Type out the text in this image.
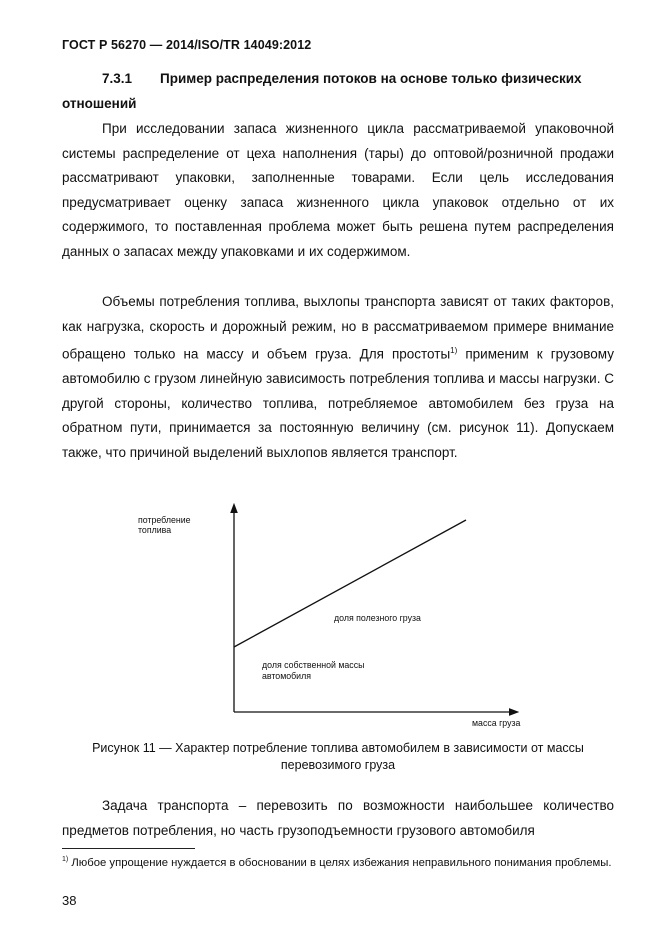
ГОСТ Р 56270 — 2014/ISO/TR 14049:2012
7.3.1 Пример распределения потоков на основе только физических отношений
При исследовании запаса жизненного цикла рассматриваемой упаковочной системы распределение от цеха наполнения (тары) до оптовой/розничной продажи рассматривают упаковки, заполненные товарами. Если цель исследования предусматривает оценку запаса жизненного цикла упаковок отдельно от их содержимого, то поставленная проблема может быть решена путем распределения данных о запасах между упаковками и их содержимом.
Объемы потребления топлива, выхлопы транспорта зависят от таких факторов, как нагрузка, скорость и дорожный режим, но в рассматриваемом примере внимание обращено только на массу и объем груза. Для простоты$^{1)}$ применим к грузовому автомобилю с грузом линейную зависимость потребления топлива и массы нагрузки. С другой стороны, количество топлива, потребляемое автомобилем без груза на обратном пути, принимается за постоянную величину (см. рисунок 11). Допускаем также, что причиной выделений выхлопов является транспорт.
потребление
топлива
доля полезного груза
доля собственной массы
автомобиля
масса груза
Рисунок 11 — Характер потребление топлива автомобилем в зависимости от массы
перевозимого груза
Задача транспорта – перевозить по возможности наибольшее количество предметов потребления, но часть грузоподъемности грузового автомобиля
$^{1)}$ Любое упрощение нуждается в обосновании в целях избежания неправильного понимания проблемы.
38
